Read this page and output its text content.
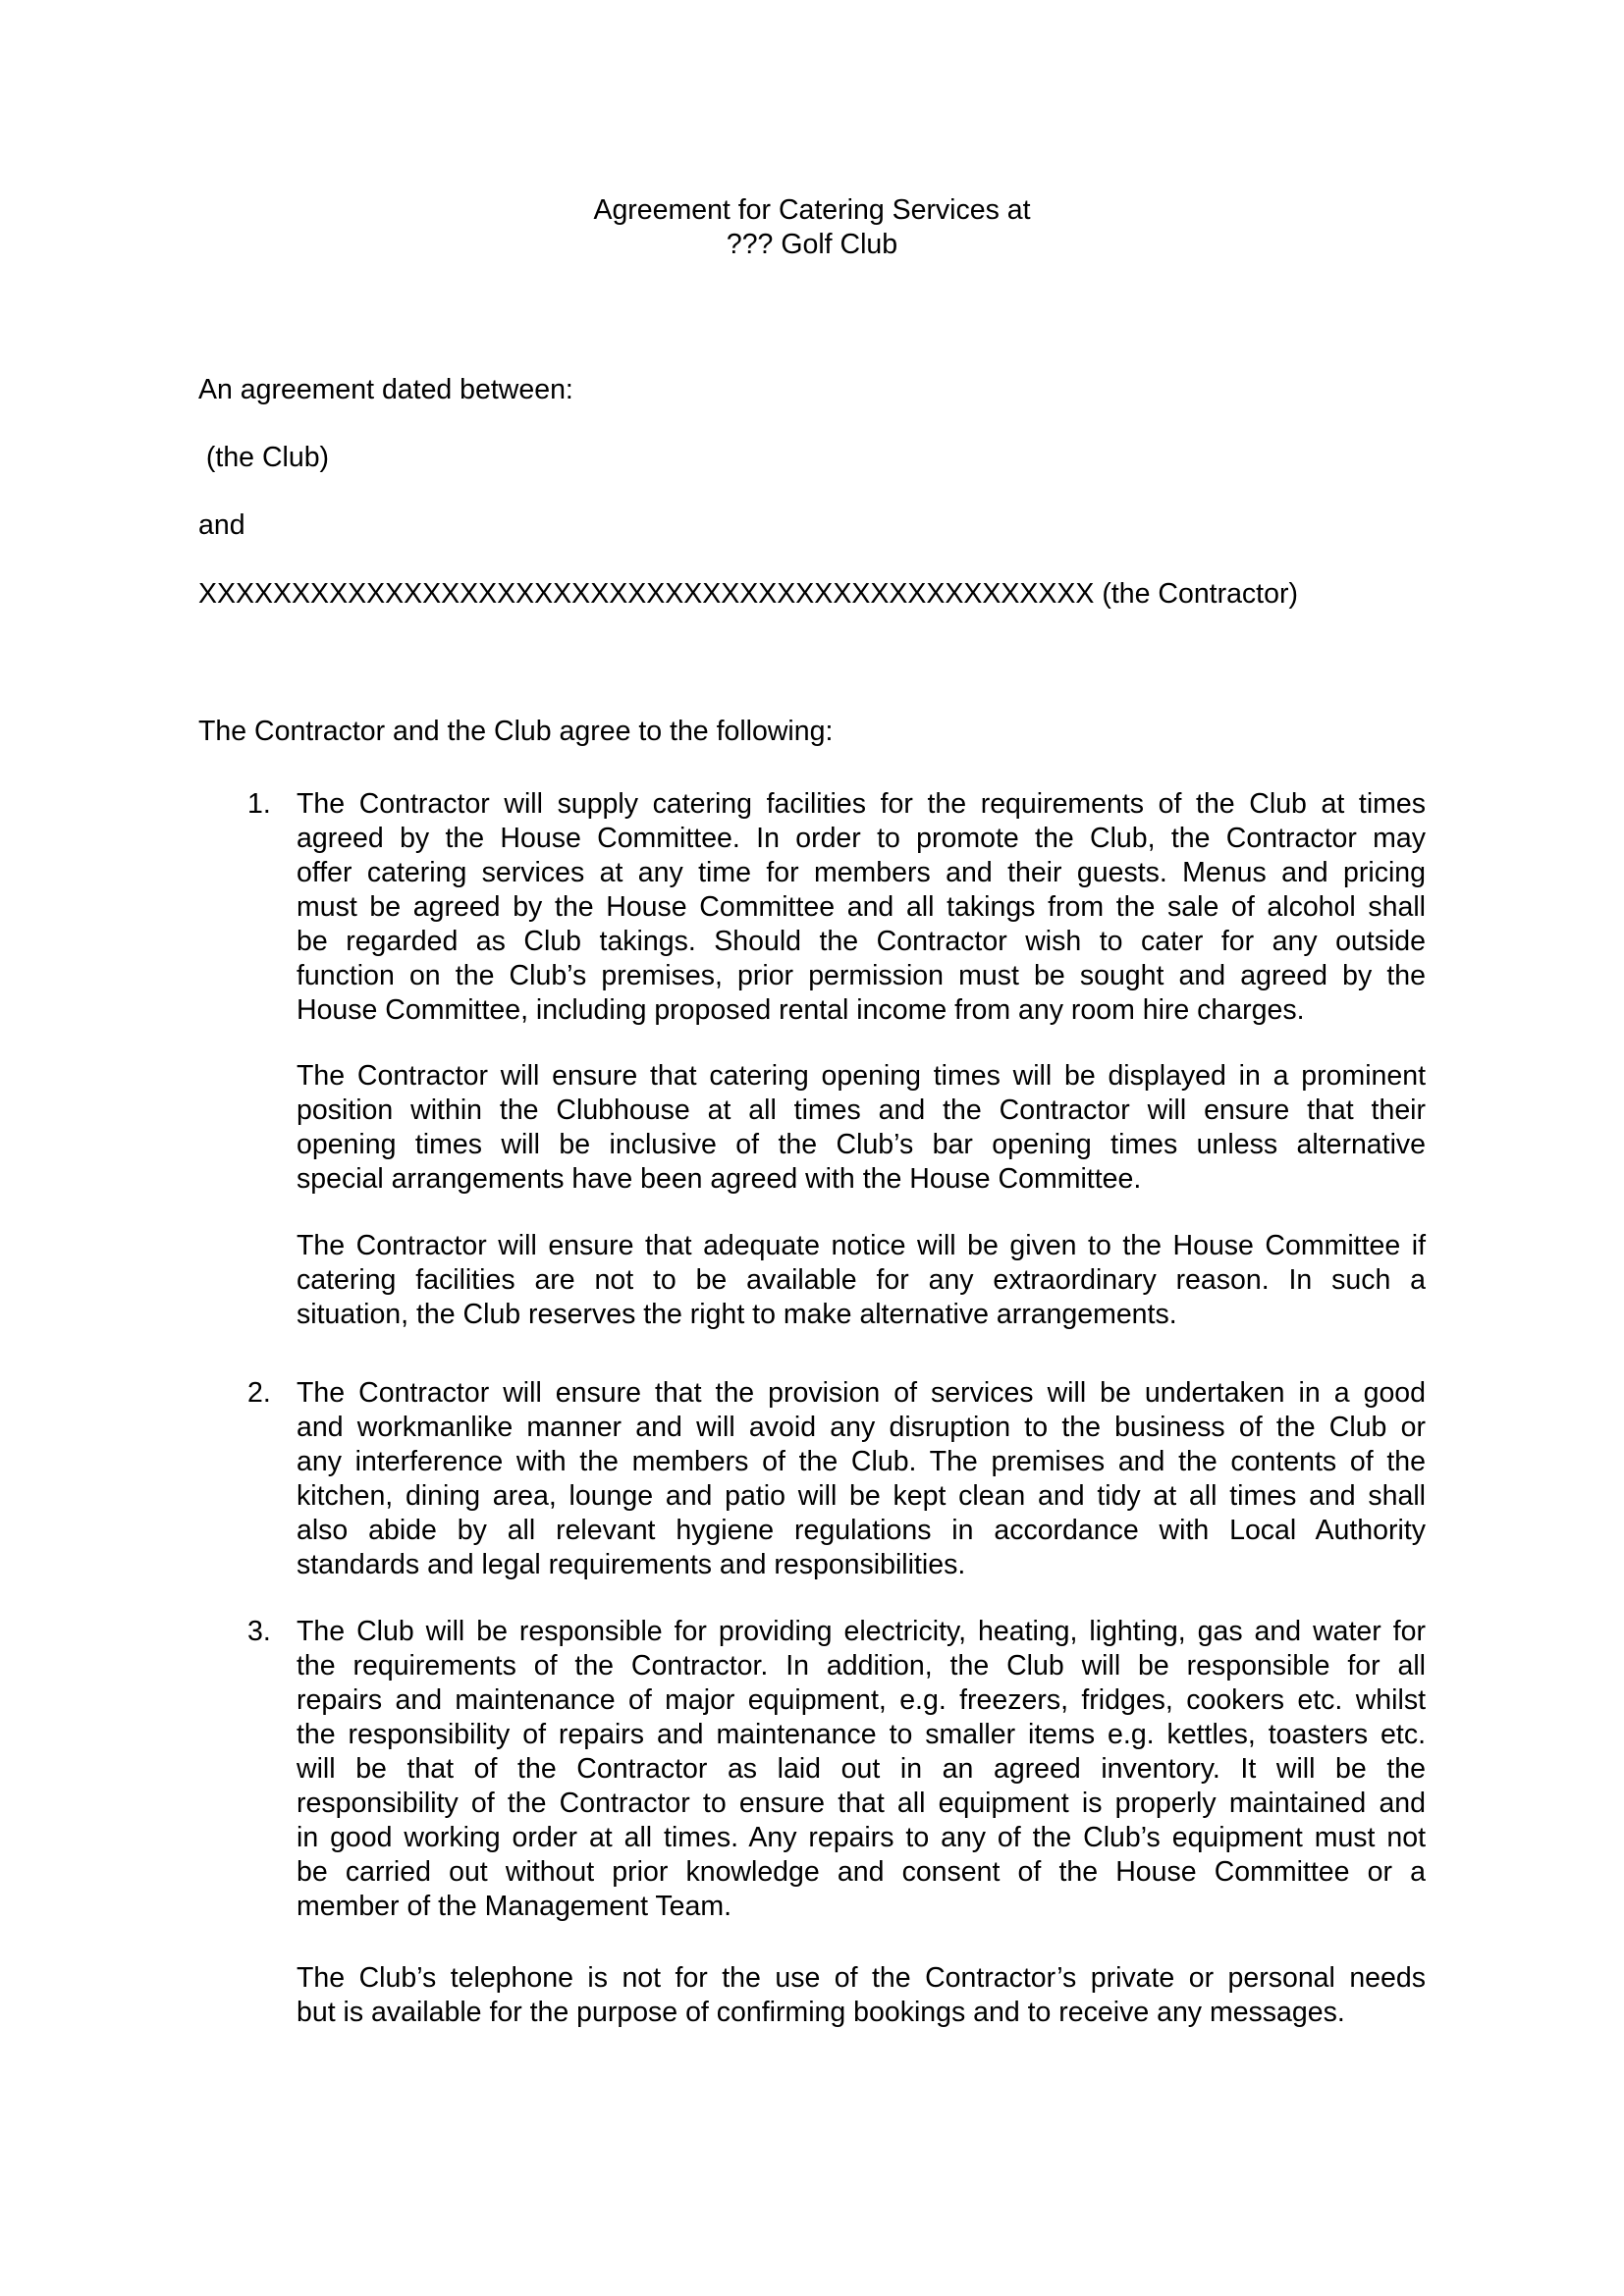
Agreement for Catering Services at
??? Golf Club
An agreement dated between:
(the Club)
and
XXXXXXXXXXXXXXXXXXXXXXXXXXXXXXXXXXXXXXXXXXXXXXXX (the Contractor)
The Contractor and the Club agree to the following:
1. The Contractor will supply catering facilities for the requirements of the Club at times
agreed by the House Committee. In order to promote the Club, the Contractor may
offer catering services at any time for members and their guests. Menus and pricing
must be agreed by the House Committee and all takings from the sale of alcohol shall
be regarded as Club takings. Should the Contractor wish to cater for any outside
function on the Club’s premises, prior permission must be sought and agreed by the
House Committee, including proposed rental income from any room hire charges.
The Contractor will ensure that catering opening times will be displayed in a prominent
position within the Clubhouse at all times and the Contractor will ensure that their
opening times will be inclusive of the Club’s bar opening times unless alternative
special arrangements have been agreed with the House Committee.
The Contractor will ensure that adequate notice will be given to the House Committee if
catering facilities are not to be available for any extraordinary reason. In such a
situation, the Club reserves the right to make alternative arrangements.
2. The Contractor will ensure that the provision of services will be undertaken in a good
and workmanlike manner and will avoid any disruption to the business of the Club or
any interference with the members of the Club. The premises and the contents of the
kitchen, dining area, lounge and patio will be kept clean and tidy at all times and shall
also abide by all relevant hygiene regulations in accordance with Local Authority
standards and legal requirements and responsibilities.
3. The Club will be responsible for providing electricity, heating, lighting, gas and water for
the requirements of the Contractor. In addition, the Club will be responsible for all
repairs and maintenance of major equipment, e.g. freezers, fridges, cookers etc. whilst
the responsibility of repairs and maintenance to smaller items e.g. kettles, toasters etc.
will be that of the Contractor as laid out in an agreed inventory. It will be the
responsibility of the Contractor to ensure that all equipment is properly maintained and
in good working order at all times. Any repairs to any of the Club’s equipment must not
be carried out without prior knowledge and consent of the House Committee or a
member of the Management Team.
The Club’s telephone is not for the use of the Contractor’s private or personal needs
but is available for the purpose of confirming bookings and to receive any messages.
